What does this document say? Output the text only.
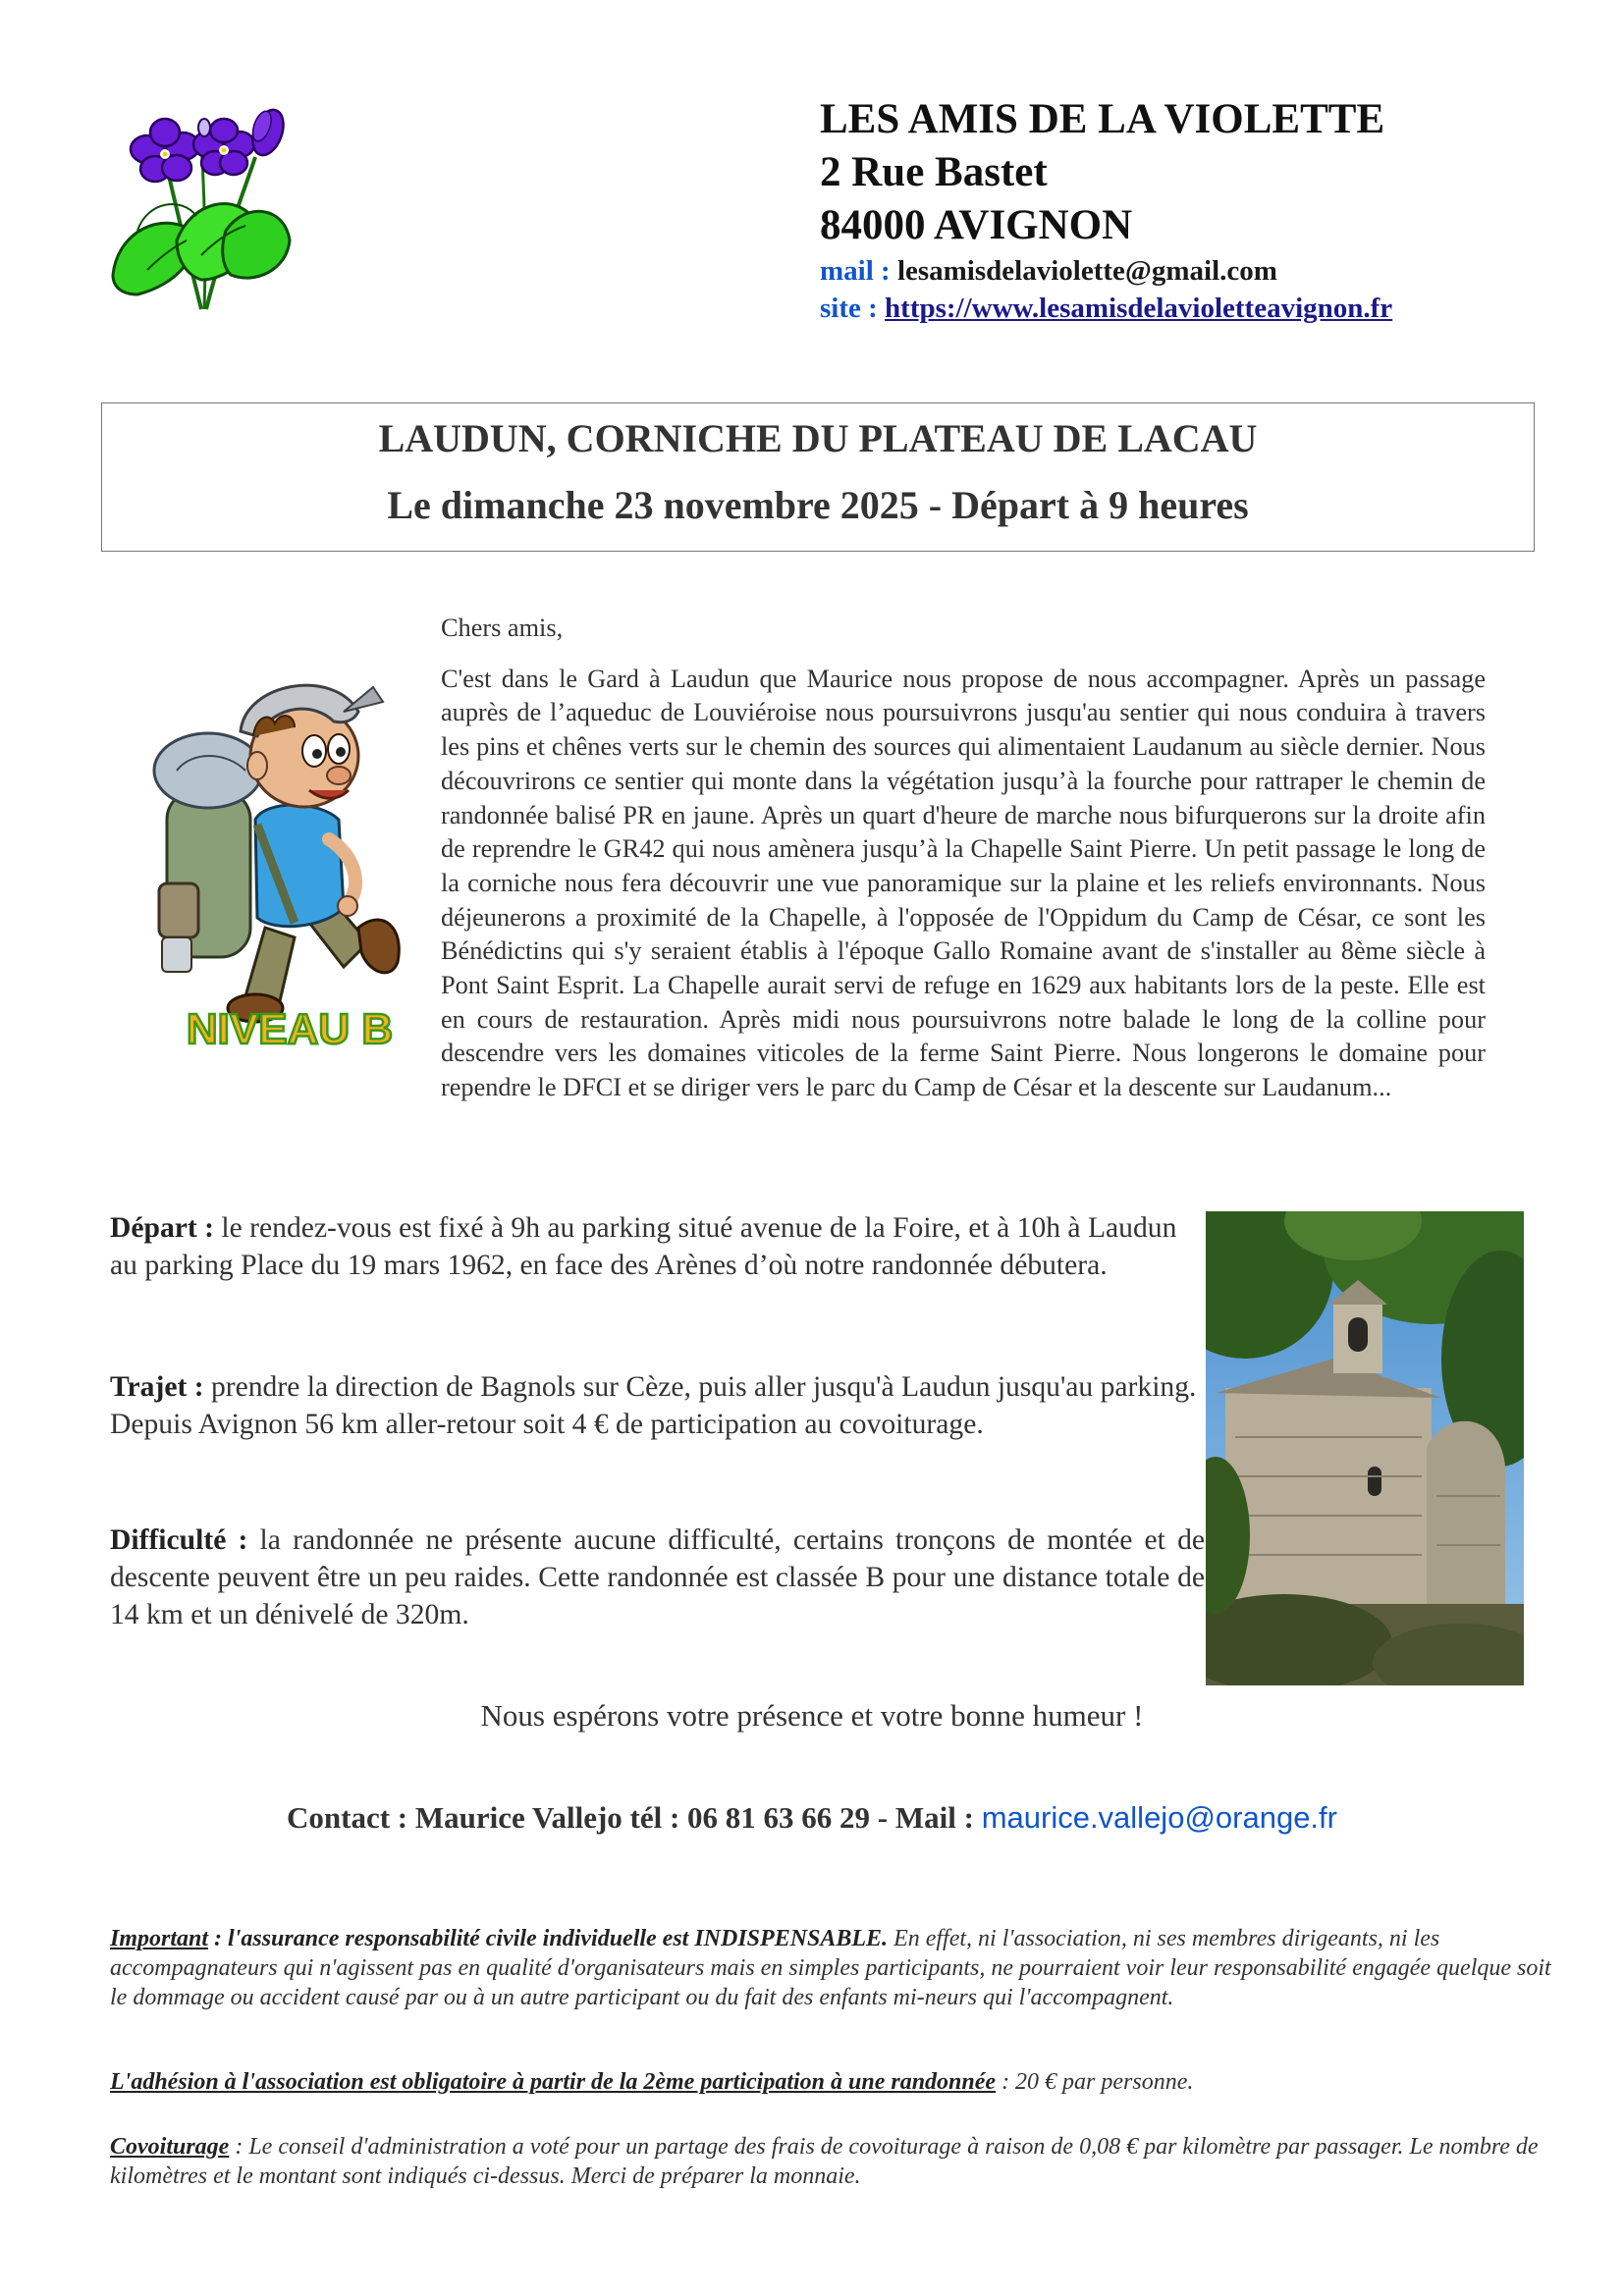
LES AMIS DE LA VIOLETTE
2 Rue Bastet
84000 AVIGNON
mail : lesamisdelaviolette@gmail.com
site : https://www.lesamisdelavioletteavignon.fr
LAUDUN, CORNICHE DU PLATEAU DE LACAU
Le dimanche 23 novembre 2025 - Départ à 9 heures
NIVEAU B

Chers amis,

C'est dans le Gard à Laudun que Maurice nous propose de nous accompagner. Après un passage auprès de l’aqueduc de Louviéroise nous poursuivrons jusqu'au sentier qui nous conduira à travers les pins et chênes verts sur le chemin des sources qui alimentaient Laudanum au siècle dernier. Nous découvrirons ce sentier qui monte dans la végétation jusqu’à la fourche pour rattraper le chemin de randonnée balisé PR en jaune. Après un quart d'heure de marche nous bifurquerons sur la droite afin de reprendre le GR42 qui nous amènera jusqu’à la Chapelle Saint Pierre. Un petit passage le long de la corniche nous fera découvrir une vue panoramique sur la plaine et les reliefs environnants. Nous déjeunerons a proximité de la Chapelle, à l'opposée de l'Oppidum du Camp de César, ce sont les Bénédictins qui s'y seraient établis à l'époque Gallo Romaine avant de s'installer au 8ème siècle à Pont Saint Esprit. La Chapelle aurait servi de refuge en 1629 aux habitants lors de la peste. Elle est en cours de restauration. Après midi nous poursuivrons notre balade le long de la colline pour descendre vers les domaines viticoles de la ferme Saint Pierre. Nous longerons le domaine pour rependre le DFCI et se diriger vers le parc du Camp de César et la descente sur Laudanum...

Départ : le rendez-vous est fixé à 9h au parking situé avenue de la Foire, et à 10h à Laudun au parking Place du 19 mars 1962, en face des Arènes d’où notre randonnée débutera.
Trajet : prendre la direction de Bagnols sur Cèze, puis aller jusqu'à Laudun jusqu'au parking.
Depuis Avignon 56 km aller-retour soit 4 € de participation au covoiturage.
Difficulté : la randonnée ne présente aucune difficulté, certains tronçons de montée et de descente peuvent être un peu raides. Cette randonnée est classée B pour une distance totale de 14 km et un dénivelé de 320m.
Nous espérons votre présence et votre bonne humeur !
Contact : Maurice Vallejo tél : 06 81 63 66 29 - Mail : maurice.vallejo@orange.fr
Important : l'assurance responsabilité civile individuelle est INDISPENSABLE. En effet, ni l'association, ni ses membres dirigeants, ni les accompagnateurs qui n'agissent pas en qualité d'organisateurs mais en simples participants, ne pourraient voir leur responsabilité engagée quelque soit le dommage ou accident causé par ou à un autre participant ou du fait des enfants mi-neurs qui l'accompagnent.
L'adhésion à l'association est obligatoire à partir de la 2ème participation à une randonnée : 20 € par personne.
Covoiturage : Le conseil d'administration a voté pour un partage des frais de covoiturage à raison de 0,08 € par kilomètre par passager. Le nombre de kilomètres et le montant sont indiqués ci-dessus. Merci de préparer la monnaie.
